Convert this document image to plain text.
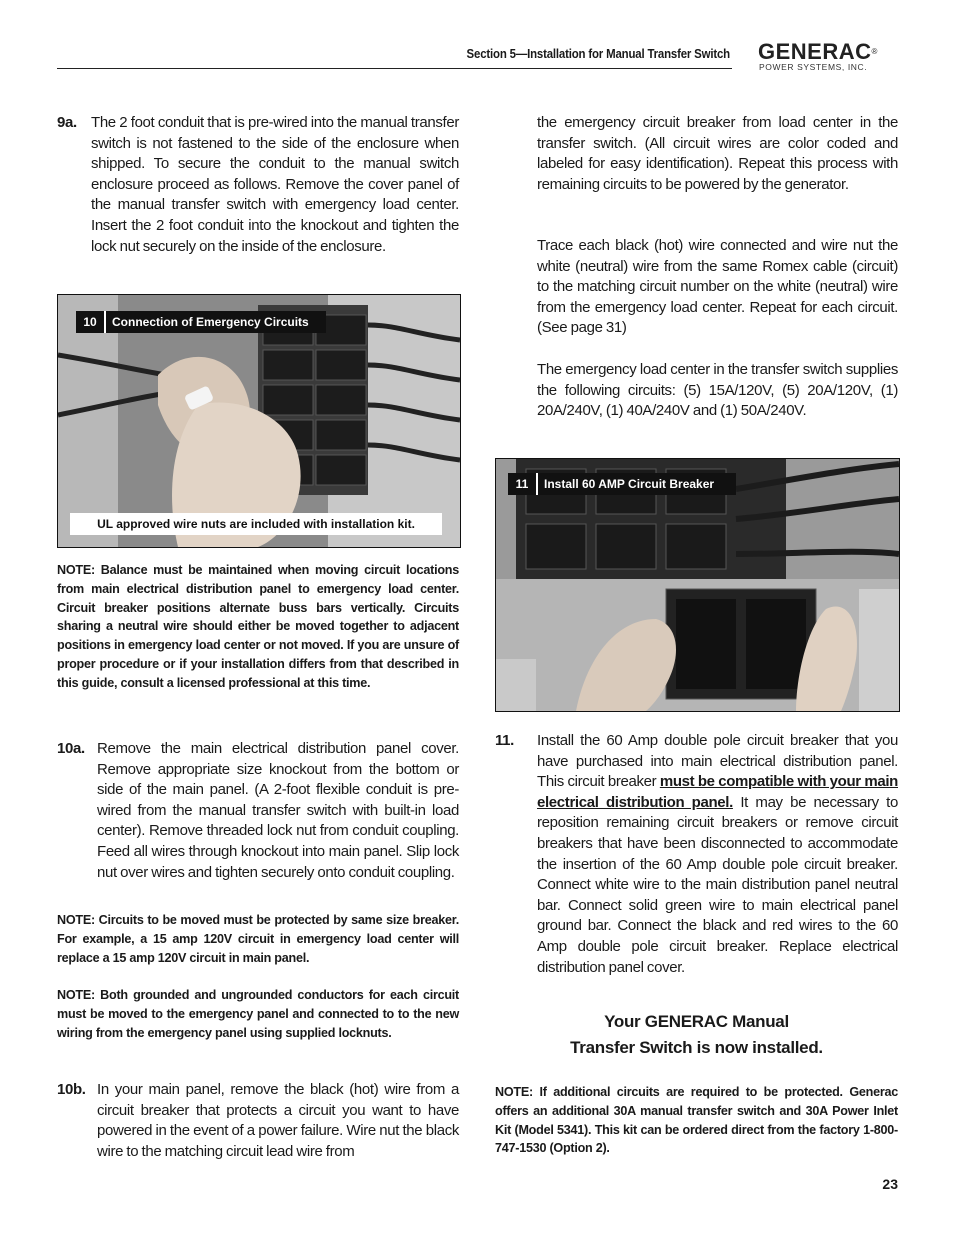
Section 5—Installation for Manual Transfer Switch GENERAC®
POWER SYSTEMS, INC.
9a. The 2 foot conduit that is pre-wired into the manual transfer switch is not fastened to the side of the enclosure when shipped. To secure the conduit to the manual switch enclosure proceed as follows. Remove the cover panel of the manual transfer switch with emergency load center. Insert the 2 foot conduit into the knockout and tighten the lock nut securely on the inside of the enclosure.
10	Connection of Emergency Circuits
UL approved wire nuts are included with installation kit.
NOTE: Balance must be maintained when moving circuit locations from main electrical distribution panel to emergency load center. Circuit breaker positions alternate buss bars vertically. Circuits sharing a neutral wire should either be moved together to adjacent positions in emergency load center or not moved. If you are unsure of proper procedure or if your installation differs from that described in this guide, consult a licensed professional at this time.
10a. Remove the main electrical distribution panel cover. Remove appropriate size knockout from the bottom or side of the main panel. (A 2-foot flexible conduit is pre-wired from the manual transfer switch with built-in load center). Remove threaded lock nut from conduit coupling. Feed all wires through knockout into main panel. Slip lock nut over wires and tighten securely onto conduit coupling.
NOTE: Circuits to be moved must be protected by same size breaker. For example, a 15 amp 120V circuit in emergency load center will replace a 15 amp 120V circuit in main panel.
NOTE: Both grounded and ungrounded conductors for each circuit must be moved to the emergency panel and connected to to the new wiring from the emergency panel using supplied locknuts.
10b. In your main panel, remove the black (hot) wire from a circuit breaker that protects a circuit you want to have powered in the event of a power failure. Wire nut the black wire to the matching circuit lead wire from
the emergency circuit breaker from load center in the transfer switch. (All circuit wires are color coded and labeled for easy identification). Repeat this process with remaining circuits to be powered by the generator.
Trace each black (hot) wire connected and wire nut the white (neutral) wire from the same Romex cable (circuit) to the matching circuit number on the white (neutral) wire from the emergency load center. Repeat for each circuit. (See page 31)
The emergency load center in the transfer switch supplies the following circuits: (5) 15A/120V, (5) 20A/120V, (1) 20A/240V, (1) 40A/240V and (1) 50A/240V.
11	Install 60 AMP Circuit Breaker
11. Install the 60 Amp double pole circuit breaker that you have purchased into main electrical distribution panel. This circuit breaker must be compatible with your main electrical distribution panel. It may be necessary to reposition remaining circuit breakers or remove circuit breakers that have been disconnected to accommodate the insertion of the 60 Amp double pole circuit breaker. Connect white wire to the main distribution panel neutral bar. Connect solid green wire to main electrical panel ground bar. Connect the black and red wires to the 60 Amp double pole circuit breaker. Replace electrical distribution panel cover.
Your GENERAC Manual
Transfer Switch is now installed.
NOTE: If additional circuits are required to be protected. Generac offers an additional 30A manual transfer switch and 30A Power Inlet Kit (Model 5341). This kit can be ordered direct from the factory 1-800-747-1530 (Option 2).
23
